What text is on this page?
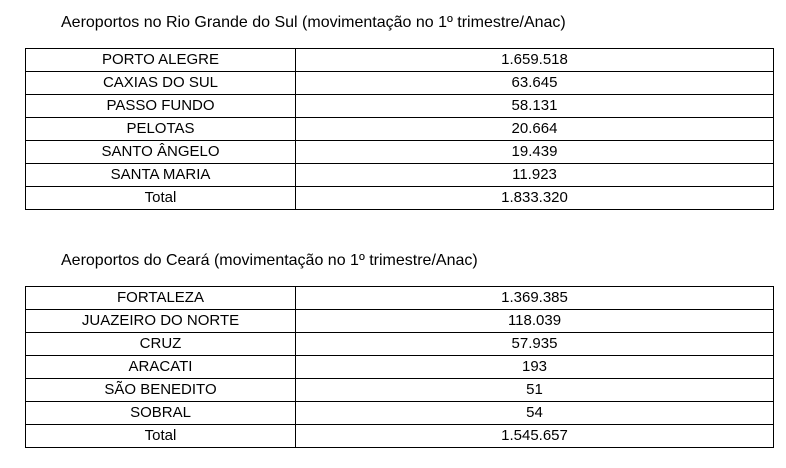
Aeroportos no Rio Grande do Sul (movimentação no 1º trimestre/Anac)
PORTO ALEGRE	1.659.518
CAXIAS DO SUL	63.645
PASSO FUNDO	58.131
PELOTAS	20.664
SANTO ÂNGELO	19.439
SANTA MARIA	11.923
Total	1.833.320
Aeroportos do Ceará (movimentação no 1º trimestre/Anac)
FORTALEZA	1.369.385
JUAZEIRO DO NORTE	118.039
CRUZ	57.935
ARACATI	193
SÃO BENEDITO	51
SOBRAL	54
Total	1.545.657
